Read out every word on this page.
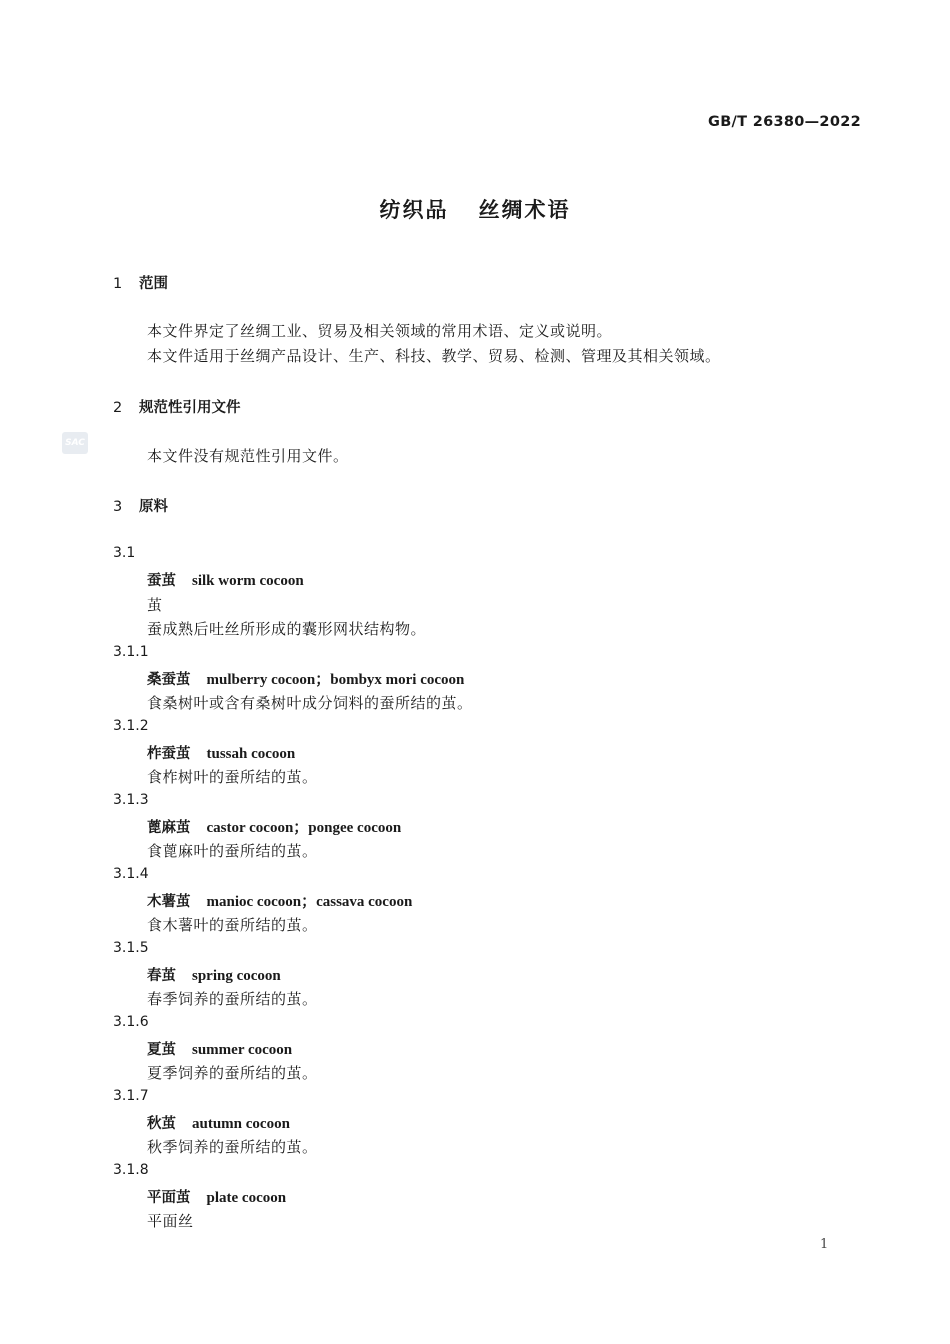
GB/T 26380—2022
纺织品 丝绸术语
1 范围
本文件界定了丝绸工业、贸易及相关领域的常用术语、定义或说明。
本文件适用于丝绸产品设计、生产、科技、教学、贸易、检测、管理及其相关领域。
2 规范性引用文件
SAC
本文件没有规范性引用文件。
3 原料
3.1
蚕茧 silk worm cocoon
茧
蚕成熟后吐丝所形成的囊形网状结构物。
3.1.1
桑蚕茧 mulberry cocoon；bombyx mori cocoon
食桑树叶或含有桑树叶成分饲料的蚕所结的茧。
3.1.2
柞蚕茧 tussah cocoon
食柞树叶的蚕所结的茧。
3.1.3
蓖麻茧 castor cocoon；pongee cocoon
食蓖麻叶的蚕所结的茧。
3.1.4
木薯茧 manioc cocoon；cassava cocoon
食木薯叶的蚕所结的茧。
3.1.5
春茧 spring cocoon
春季饲养的蚕所结的茧。
3.1.6
夏茧 summer cocoon
夏季饲养的蚕所结的茧。
3.1.7
秋茧 autumn cocoon
秋季饲养的蚕所结的茧。
3.1.8
平面茧 plate cocoon
平面丝
1
